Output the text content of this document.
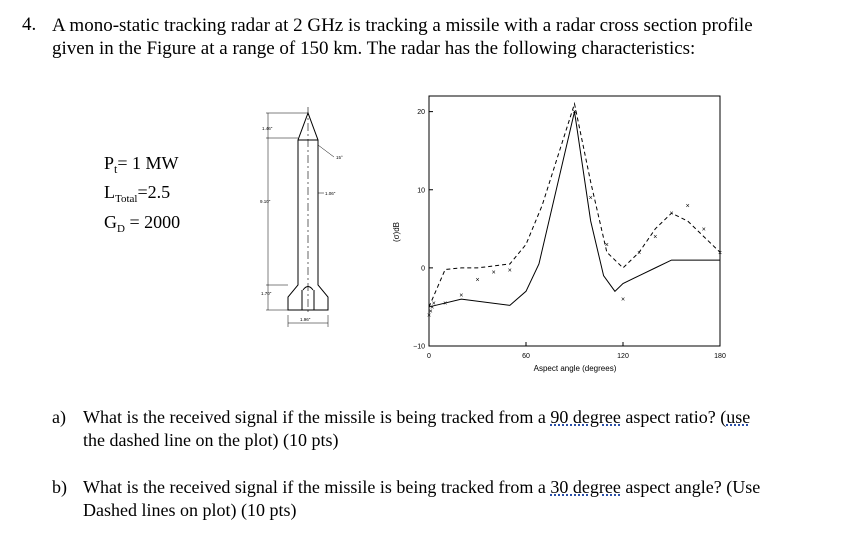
4. A mono-static tracking radar at 2 GHz is tracking a missile with a radar cross section profile given in the Figure at a range of 150 km. The radar has the following characteristics:
$P_t= 1$ MW
$L_{Total}=2.5$
$G_D = 2000$
1.46"
15°
1.06"
9.10"
1.70"
1.96"
0	60	120	180
20
10
0
−10
×
×
×
× ×
×
×
× ×
×
×
×
×
×
×
×
×
×
×
Aspect angle (degrees)
(σ)dB
a) What is the received signal if the missile is being tracked from a 90 degree aspect ratio? (use the dashed line on the plot) (10 pts)
b) What is the received signal if the missile is being tracked from a 30 degree aspect angle? (Use Dashed lines on plot) (10 pts)
